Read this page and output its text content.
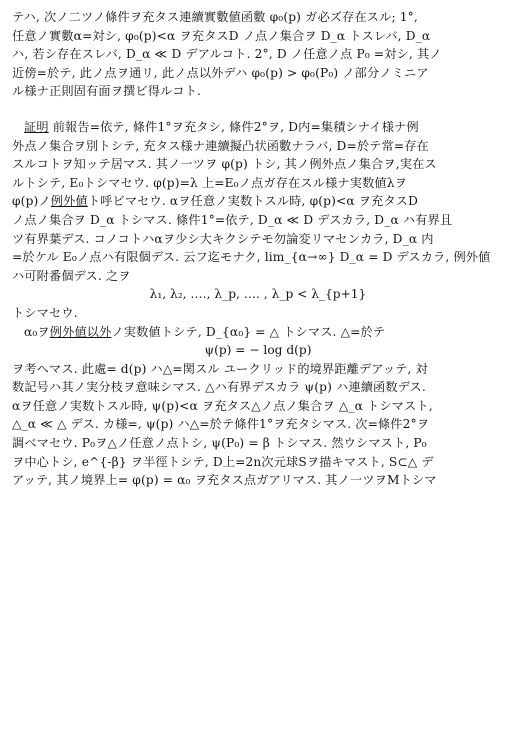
テハ, 次ノ二ツノ條件ヲ充タス連續實數値函數 φ₀(p) ガ必ズ存在スル; 1°,
任意ノ實數α=対シ, φ₀(p)<α ヲ充タスD ノ点ノ集合ヲ D_α トスレバ, D_α
ハ, 若シ存在スレバ, D_α ≪ D デアルコト. 2°, D ノ任意ノ点 P₀ =対シ, 其ノ
近傍=於テ, 此ノ点ヲ通リ, 此ノ点以外デハ φ₀(p) > φ₀(P₀) ノ部分ノミニア
ル様ナ正則固有面ヲ撰ビ得ルコト.
証明 前報告=依テ, 條件1°ヲ充タシ, 條件2°ヲ, D内=集積シナイ様ナ例
外点ノ集合ヲ別トシテ, 充タス様ナ連續擬凸状函數ナラバ, D=於テ常=存在
スルコトヲ知ッテ居マス. 其ノ一ツヲ φ(p) トシ, 其ノ例外点ノ集合ヲ,実在ス
ルトシテ, E₀トシマセウ. φ(p)=λ 上=E₀ノ点ガ存在スル様ナ実数値λヲ
φ(p)ノ例外値ト呼ビマセウ. αヲ任意ノ実数トスル時, φ(p)<α ヲ充タスD
ノ点ノ集合ヲ D_α トシマス. 條件1°=依テ, D_α ≪ D デスカラ, D_α ハ有界且
ツ有界葉デス. コノコトハαヲ少シ大キクシテモ勿論変リマセンカラ, D_α 内
=於ケル E₀ノ点ハ有限個デス. 云フ迄モナク, lim_{α→∞} D_α = D デスカラ, 例外値
ハ可附番個デス. 之ヲ
λ₁, λ₂, ‥‥, λ_p, ‥‥ , λ_p < λ_{p+1}
トシマセウ.
α₀ヲ例外値以外ノ実数値トシテ, D_{α₀} = △ トシマス. △=於テ
ψ(p) = − log d(p)
ヲ考ヘマス. 此處= d(p) ハ△=関スル ユークリッド的境界距離デアッテ, 対
数記号ハ其ノ実分枝ヲ意味シマス. △ハ有界デスカラ ψ(p) ハ連續函数デス.
αヲ任意ノ実数トスル時, ψ(p)<α ヲ充タス△ノ点ノ集合ヲ △_α トシマスト,
△_α ≪ △ デス. カ様=, ψ(p) ハ△=於テ條件1°ヲ充タシマス. 次=條件2°ヲ
調ベマセウ. P₀ヲ△ノ任意ノ点トシ, ψ(P₀) = β トシマス. 然ウシマスト, P₀
ヲ中心トシ, e^{-β} ヲ半徑トシテ, D上=2n次元球Sヲ描キマスト, S⊂△ デ
アッテ, 其ノ境界上= φ(p) = α₀ ヲ充タス点ガアリマス. 其ノ一ツヲMトシマ
